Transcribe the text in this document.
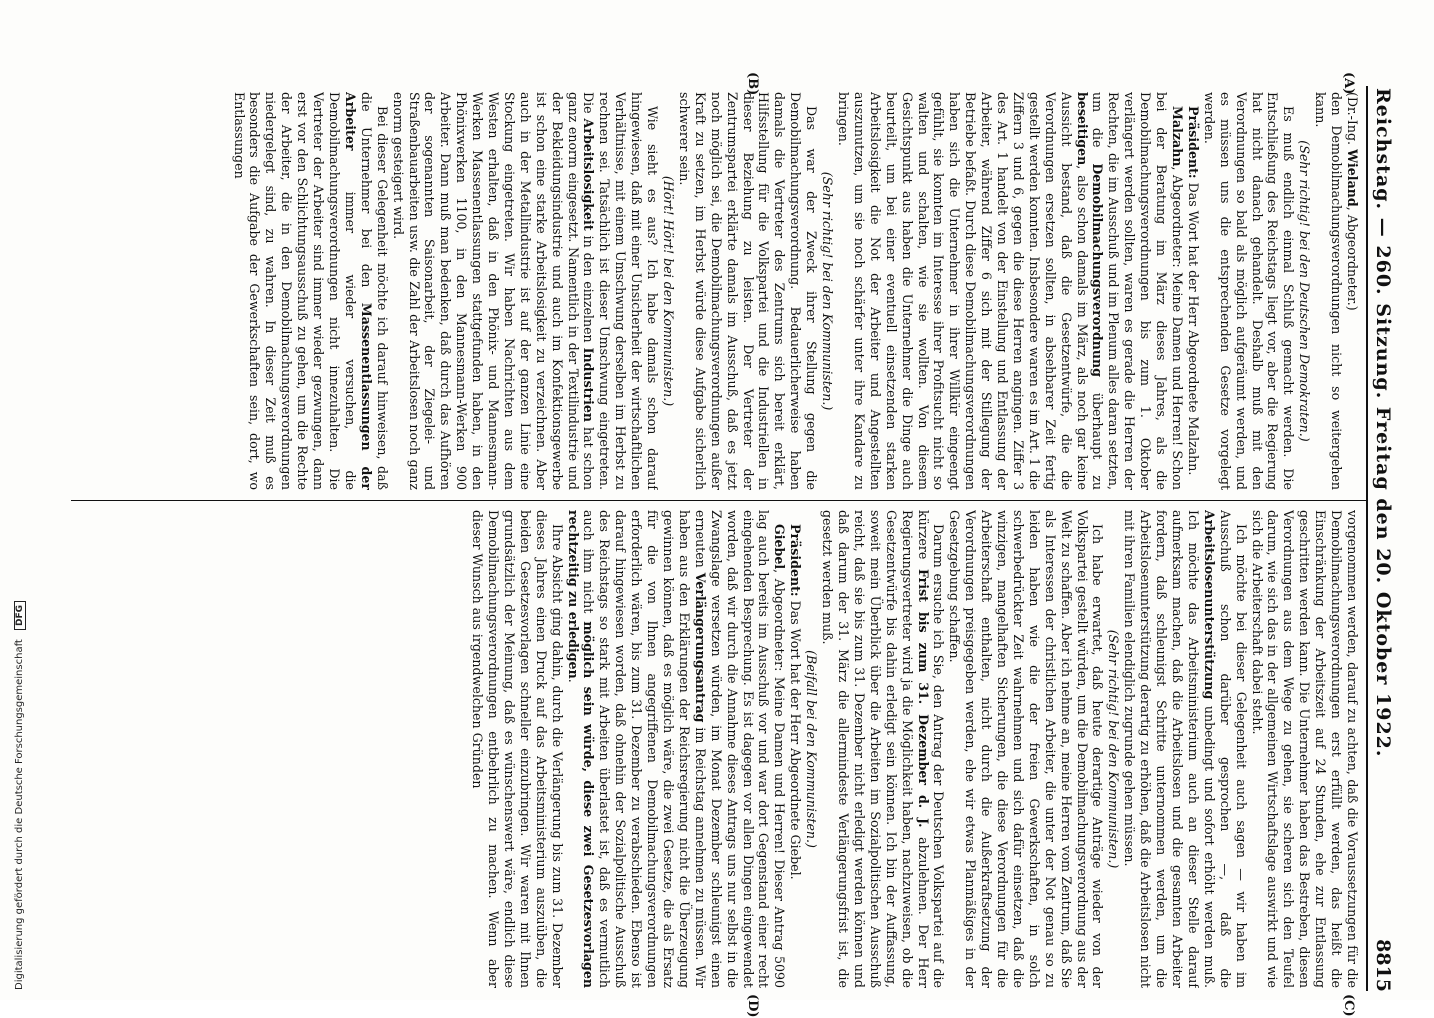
Reichstag. — 260. Sitzung. Freitag den 20. Oktober 1922.
8815
(A)
(B)
(C)
(D)

(Dr.-Ing. Wieland, Abgeordneter.)

den Demobilmachungsverordnungen nicht so weitergehen kann.

(Sehr richtig! bei den Deutschen Demokraten.)

Es muß endlich einmal Schluß gemacht werden. Die Entschließung des Reichstags liegt vor, aber die Regierung hat nicht danach gehandelt. Deshalb muß mit den Verordnungen so bald als möglich aufgeräumt werden, und es müssen uns die entsprechenden Gesetze vorgelegt werden.

Präsident: Das Wort hat der Herr Abgeordnete Malzahn.

Malzahn, Abgeordneter: Meine Damen und Herren! Schon bei der Beratung im März dieses Jahres, als die Demobilmachungsverordnungen bis zum 1. Oktober verlängert werden sollten, waren es gerade die Herren der Rechten, die im Ausschuß und im Plenum alles daran setzten, um die Demobilmachungsverordnung überhaupt zu beseitigen, also schon damals im März, als noch gar keine Aussicht bestand, daß die Gesetzentwürfe, die die Verordnungen ersetzen sollten, in absehbarer Zeit fertig gestellt werden konnten. Insbesondere waren es im Art. 1 die Ziffern 3 und 6, gegen die diese Herren angingen. Ziffer 3 des Art. 1 handelt von der Einstellung und Entlassung der Arbeiter, während Ziffer 6 sich mit der Stillegung der Betriebe befaßt. Durch diese Demobilmachungsverordnungen haben sich die Unternehmer in ihrer Willkür eingeengt gefühlt, sie konnten im Interesse ihrer Profitsucht nicht so walten und schalten, wie sie wollten. Von diesem Gesichtspunkt aus haben die Unternehmer die Dinge auch beurteilt, um bei einer eventuell einsetzenden starken Arbeitslosigkeit die Not der Arbeiter und Angestellten auszunutzen, um sie noch schärfer unter ihre Kandare zu bringen.

(Sehr richtig! bei den Kommunisten.)

Das war der Zweck ihrer Stellung gegen die Demobilmachungsverordnung. Bedauerlicherweise haben damals die Vertreter des Zentrums sich bereit erklärt, Hilfsstellung für die Volkspartei und die Industriellen in dieser Beziehung zu leisten. Der Vertreter der Zentrumspartei erklärte damals im Ausschuß, daß es jetzt noch möglich sei, die Demobilmachungsverordnungen außer Kraft zu setzen, im Herbst würde diese Aufgabe sicherlich schwerer sein.

(Hört! Hört! bei den Kommunisten.)

Wie sieht es aus? Ich habe damals schon darauf hingewiesen, daß mit einer Unsicherheit der wirtschaftlichen Verhältnisse, mit einem Umschwung derselben im Herbst zu rechnen sei. Tatsächlich ist dieser Umschwung eingetreten. Die Arbeitslosigkeit in den einzelnen Industrien hat schon ganz enorm eingesetzt. Namentlich in der Textilindustrie und der Bekleidungsindustrie und auch im Konfektionsgewerbe ist schon eine starke Arbeitslosigkeit zu verzeichnen. Aber auch in der Metallindustrie ist auf der ganzen Linie eine Stockung eingetreten. Wir haben Nachrichten aus dem Westen erhalten, daß in den Phönix- und Mannesmann-Werken Massenentlassungen stattgefunden haben, in den Phönixwerken 1100, in den Mannesmann-Werken 900 Arbeiter. Dann muß man bedenken, daß durch das Aufhören der sogenannten Saisonarbeit, der Ziegelei- und Straßenbauarbeiten usw. die Zahl der Arbeitslosen noch ganz enorm gesteigert wird.

Bei dieser Gelegenheit möchte ich darauf hinweisen, daß die Unternehmer bei den Massenentlassungen der Arbeiter immer wieder versuchen, die Demobilmachungsverordnungen nicht innezuhalten. Die Vertreter der Arbeiter sind immer wieder gezwungen, dann erst vor den Schlichtungsausschuß zu gehen, um die Rechte der Arbeiter, die in den Demobilmachungsverordnungen niedergelegt sind, zu wahren. In dieser Zeit muß es besonders die Aufgabe der Gewerkschaften sein, dort, wo Entlassungen

vorgenommen werden, darauf zu achten, daß die Voraussetzungen für die Demobilmachungsverordnungen erst erfüllt werden, das heißt die Einschränkung der Arbeitszeit auf 24 Stunden, ehe zur Entlassung geschritten werden kann. Die Unternehmer haben das Bestreben, diesen Verordnungen aus dem Wege zu gehen, sie scheren sich den Teufel darum, wie sich das in der allgemeinen Wirtschaftslage auswirkt und wie sich die Arbeiterschaft dabei steht.

Ich möchte bei dieser Gelegenheit auch sagen — wir haben im Ausschuß schon darüber gesprochen —, daß die Arbeitslosenunterstützung unbedingt und sofort erhöht werden muß. Ich möchte das Arbeitsministerium auch an dieser Stelle darauf aufmerksam machen, daß die Arbeitslosen und die gesamten Arbeiter fordern, daß schleunigst Schritte unternommen werden, um die Arbeitslosenunterstützung derartig zu erhöhen, daß die Arbeitslosen nicht mit ihren Familien elendiglich zugrunde gehen müssen.

(Sehr richtig! bei den Kommunisten.)

Ich habe erwartet, daß heute derartige Anträge wieder von der Volkspartei gestellt würden, um die Demobilmachungsverordnung aus der Welt zu schaffen. Aber ich nehme an, meine Herren vom Zentrum, daß Sie als Interessen der christlichen Arbeiter, die unter der Not genau so zu leiden haben wie die der freien Gewerkschaften, in solch schwerbedrückter Zeit wahrnehmen und sich dafür einsetzen, daß die winzigen, mangelhaften Sicherungen, die diese Verordnungen für die Arbeiterschaft enthalten, nicht durch die Außerkraftsetzung der Verordnungen preisgegeben werden, ehe wir etwas Planmäßiges in der Gesetzgebung schaffen.

Darum ersuche ich Sie, den Antrag der Deutschen Volkspartei auf die kürzere Frist bis zum 31. Dezember d. J. abzulehnen. Der Herr Regierungsvertreter wird ja die Möglichkeit haben, nachzuweisen, ob die Gesetzentwürfe bis dahin erledigt sein können. Ich bin der Auffassung, soweit mein Überblick über die Arbeiten im Sozialpolitischen Ausschuß reicht, daß sie bis zum 31. Dezember nicht erledigt werden können und daß darum der 31. März die allermindeste Verlängerungsfrist ist, die gesetzt werden muß.

(Beifall bei den Kommunisten.)

Präsident: Das Wort hat der Herr Abgeordnete Giebel.

Giebel, Abgeordneter: Meine Damen und Herren! Dieser Antrag 5090 lag auch bereits im Ausschuß vor und war dort Gegenstand einer recht eingehenden Besprechung. Es ist dagegen vor allen Dingen eingewendet worden, daß wir durch die Annahme dieses Antrags uns nur selbst in die Zwangslage versetzen würden, im Monat Dezember schleunigst einen erneuten Verlängerungsantrag im Reichstag annehmen zu müssen. Wir haben aus den Erklärungen der Reichsregierung nicht die Überzeugung gewinnen können, daß es möglich wäre, die zwei Gesetze, die als Ersatz für die von Ihnen angegriffenen Demobilmachungsverordnungen erforderlich wären, bis zum 31. Dezember zu verabschieden. Ebenso ist darauf hingewiesen worden, daß ohnehin der Sozialpolitische Ausschuß des Reichstags so stark mit Arbeiten überlastet ist, daß es vermutlich auch ihm nicht möglich sein würde, diese zwei Gesetzesvorlagen rechtzeitig zu erledigen.

Ihre Absicht ging dahin, durch die Verlängerung bis zum 31. Dezember dieses Jahres einen Druck auf das Arbeitsministerium auszuüben, die beiden Gesetzesvorlagen schneller einzubringen. Wir waren mit Ihnen grundsätzlich der Meinung, daß es wünschenswert wäre, endlich diese Demobilmachungsverordnungen entbehrlich zu machen. Wenn aber dieser Wunsch aus irgendwelchen Gründen

Digitalisierung gefördert durch die Deutsche Forschungsgemeinschaft DFG
